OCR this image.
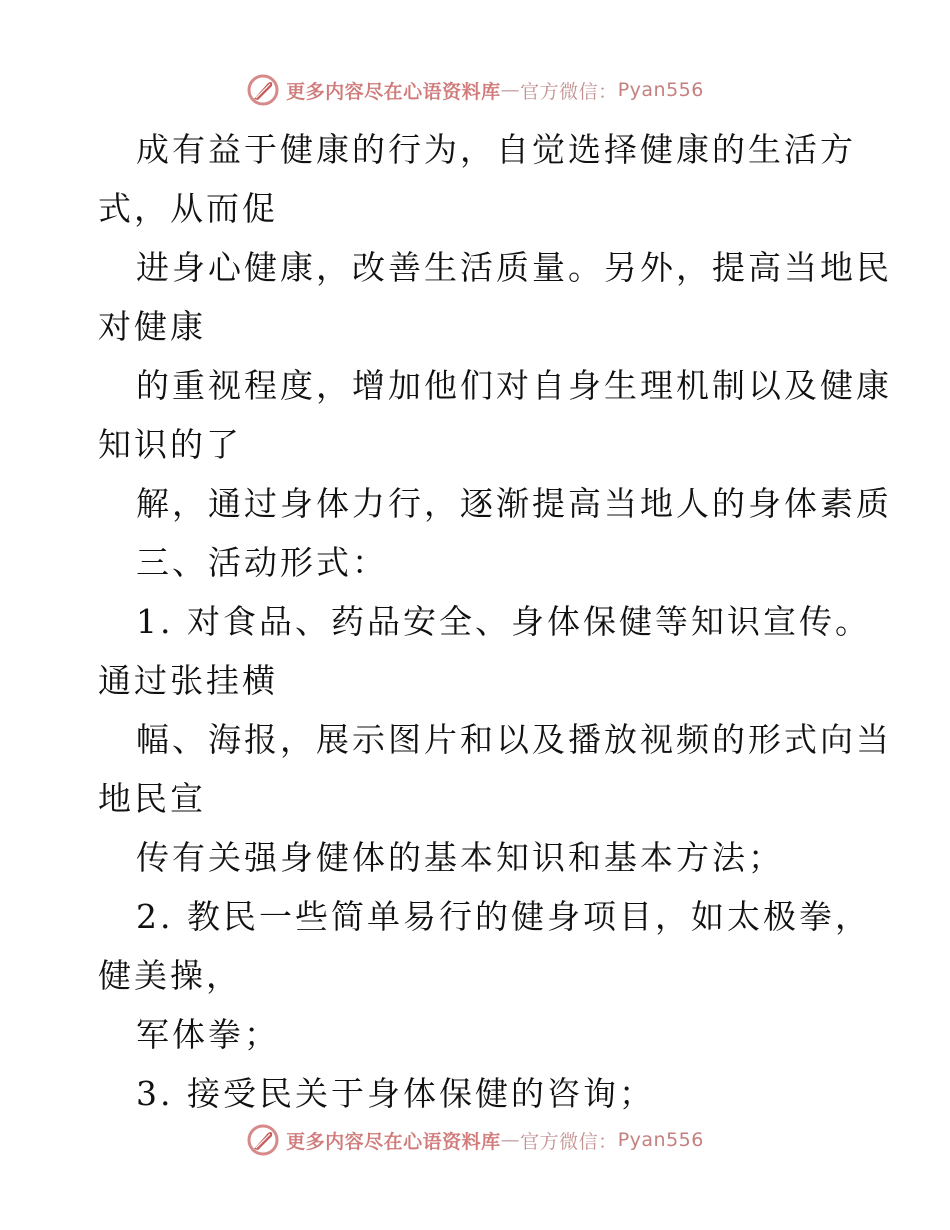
更多内容尽在心语资料库 — 官方微信： Pyan556
成有益于健康的行为，自觉选择健康的生活方
式，从而促
进身心健康，改善生活质量。另外，提高当地民
对健康
的重视程度，增加他们对自身生理机制以及健康
知识的了
解，通过身体力行，逐渐提高当地人的身体素质
三、活动形式：
1. 对食品、药品安全、身体保健等知识宣传。
通过张挂横
幅、海报，展示图片和以及播放视频的形式向当
地民宣
传有关强身健体的基本知识和基本方法；
2. 教民一些简单易行的健身项目，如太极拳，
健美操，
军体拳；
3. 接受民关于身体保健的咨询；
更多内容尽在心语资料库 — 官方微信： Pyan556
